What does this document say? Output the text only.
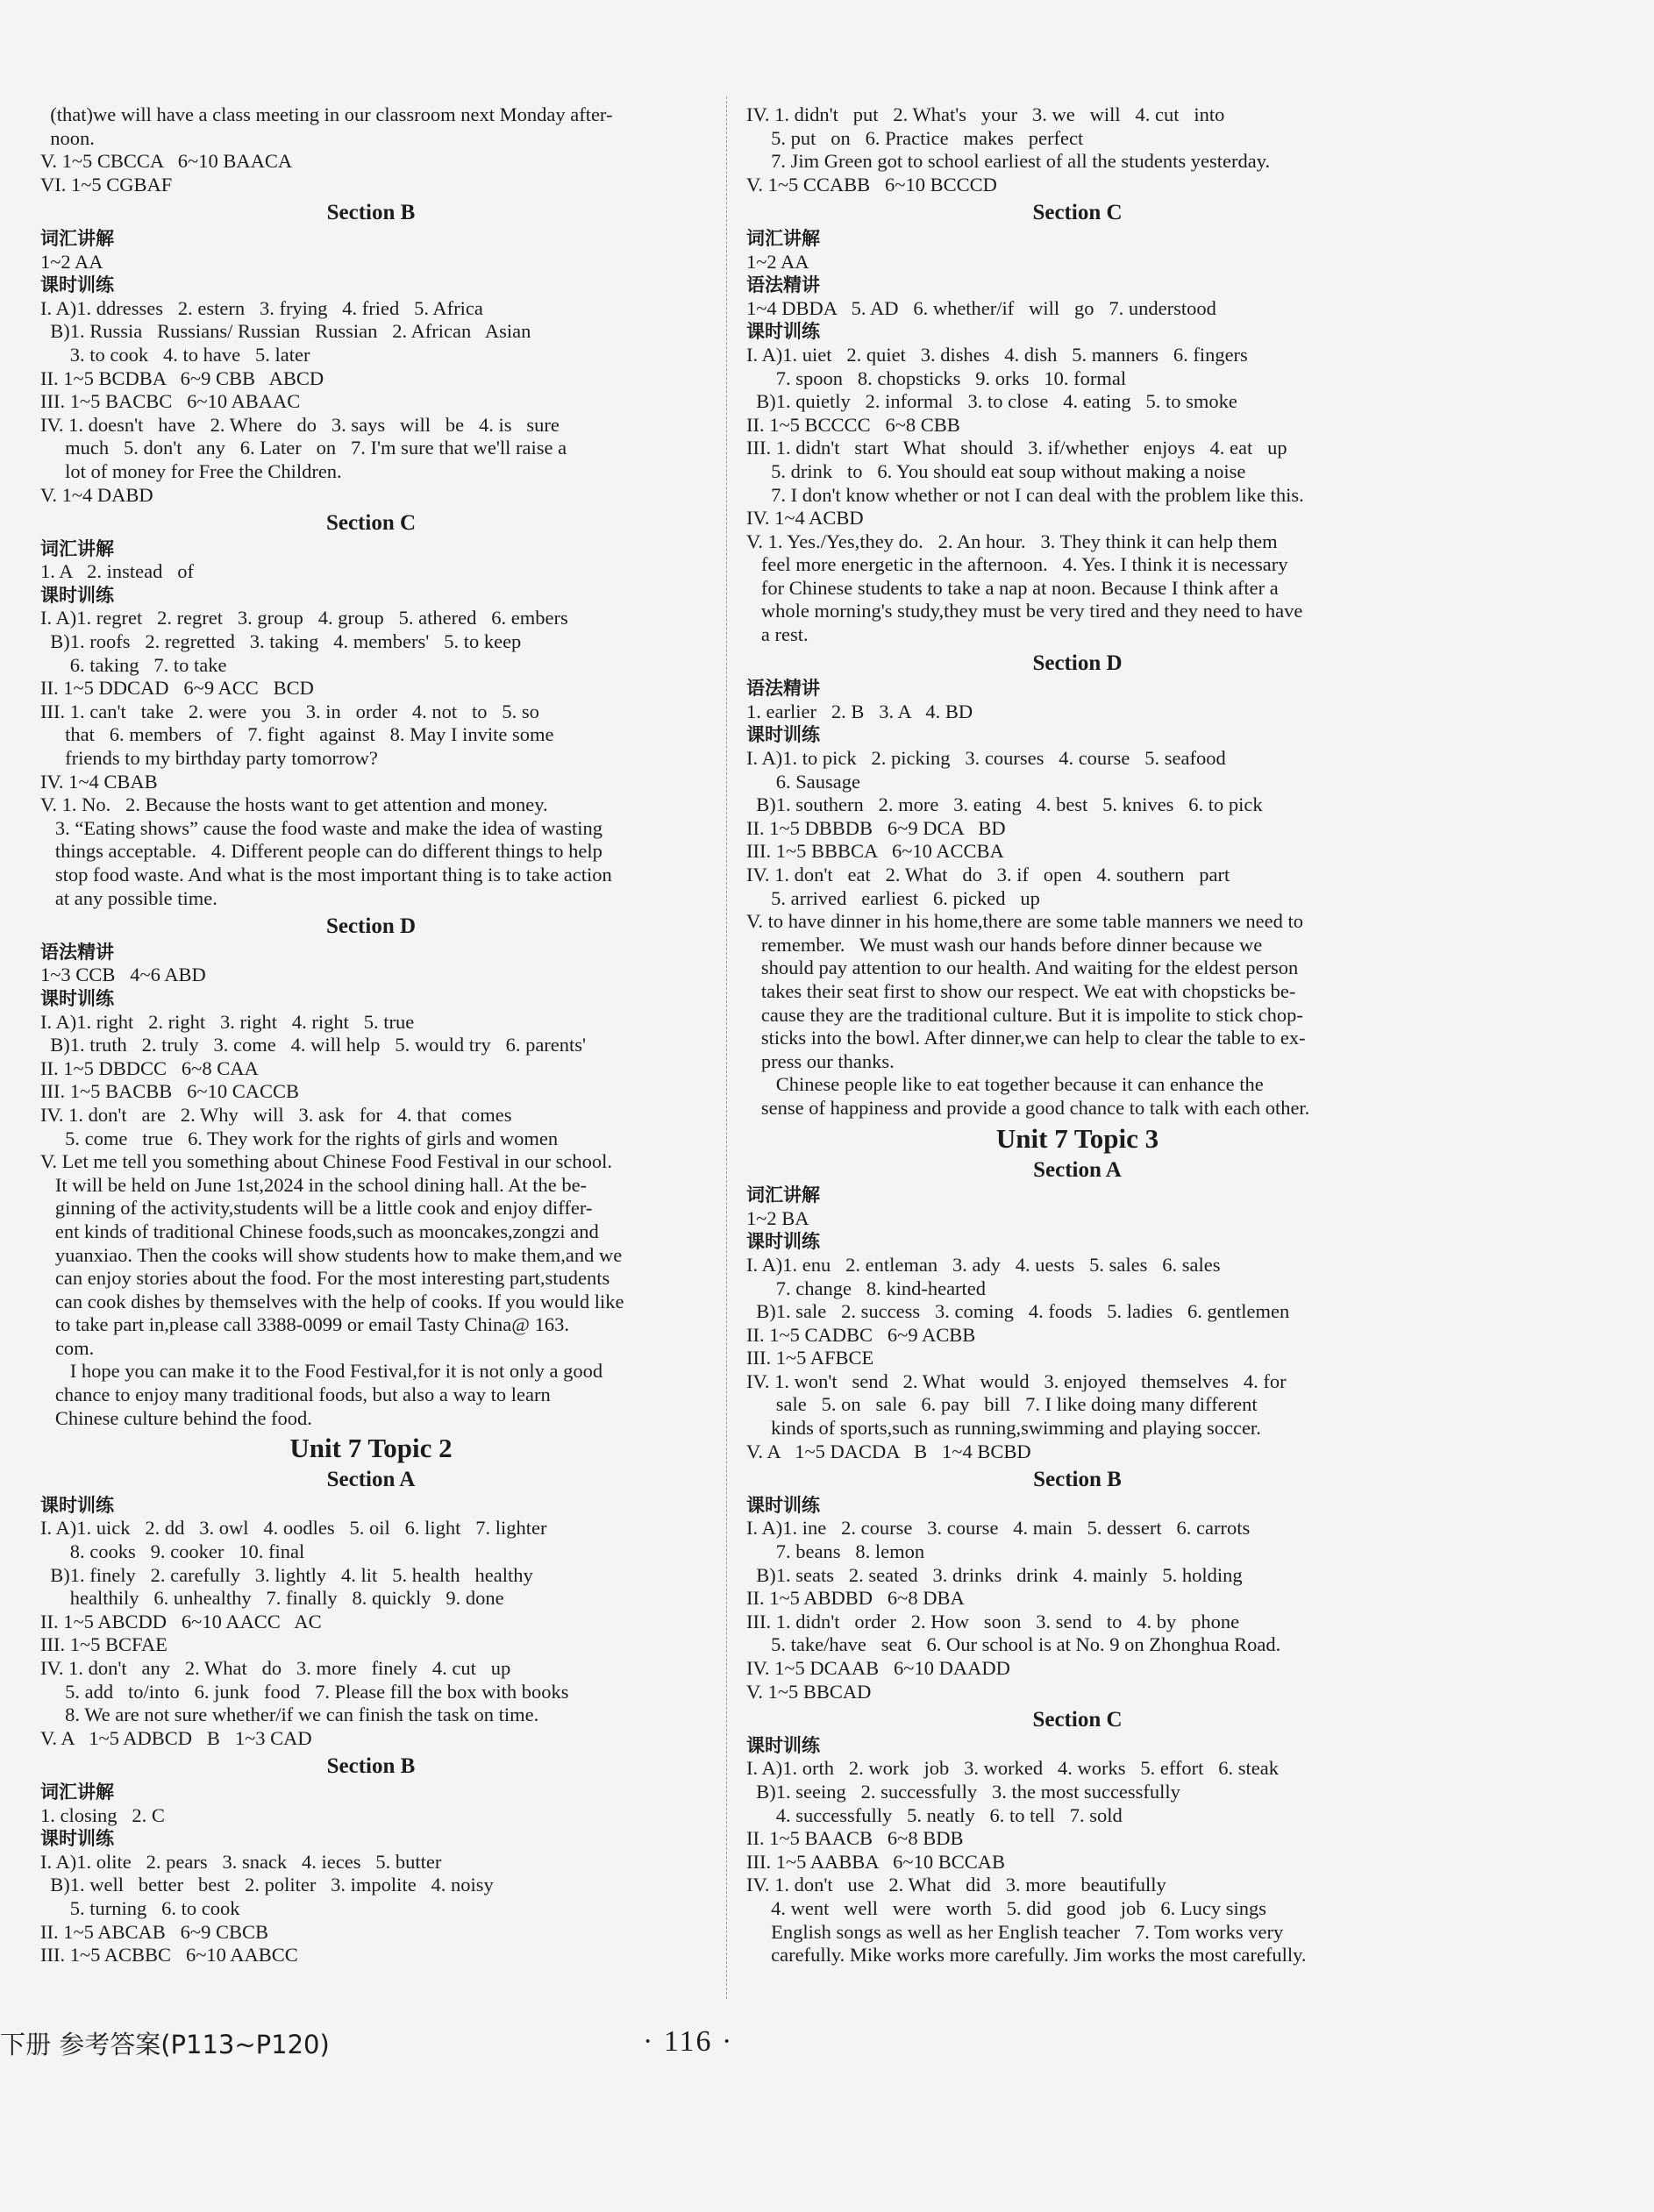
(that)we will have a class meeting in our classroom next Monday after-
noon.
V. 1~5 CBCCA   6~10 BAACA
VI. 1~5 CGBAF
Section B
词汇讲解
1~2 AA
课时训练
I. A)1. ddresses   2. estern   3. frying   4. fried   5. Africa
B)1. Russia   Russians/ Russian   Russian   2. African   Asian
3. to cook   4. to have   5. later
II. 1~5 BCDBA   6~9 CBB   ABCD
III. 1~5 BACBC   6~10 ABAAC
IV. 1. doesn't   have   2. Where   do   3. says   will   be   4. is   sure
much   5. don't   any   6. Later   on   7. I'm sure that we'll raise a
lot of money for Free the Children.
V. 1~4 DABD
Section C
词汇讲解
1. A   2. instead   of
课时训练
I. A)1. regret   2. regret   3. group   4. group   5. athered   6. embers
B)1. roofs   2. regretted   3. taking   4. members'   5. to keep
6. taking   7. to take
II. 1~5 DDCAD   6~9 ACC   BCD
III. 1. can't   take   2. were   you   3. in   order   4. not   to   5. so
that   6. members   of   7. fight   against   8. May I invite some
friends to my birthday party tomorrow?
IV. 1~4 CBAB
V. 1. No.   2. Because the hosts want to get attention and money.
3. “Eating shows” cause the food waste and make the idea of wasting
things acceptable.   4. Different people can do different things to help
stop food waste. And what is the most important thing is to take action
at any possible time.
Section D
语法精讲
1~3 CCB   4~6 ABD
课时训练
I. A)1. right   2. right   3. right   4. right   5. true
B)1. truth   2. truly   3. come   4. will help   5. would try   6. parents'
II. 1~5 DBDCC   6~8 CAA
III. 1~5 BACBB   6~10 CACCB
IV. 1. don't   are   2. Why   will   3. ask   for   4. that   comes
5. come   true   6. They work for the rights of girls and women
V. Let me tell you something about Chinese Food Festival in our school.
It will be held on June 1st,2024 in the school dining hall. At the be-
ginning of the activity,students will be a little cook and enjoy differ-
ent kinds of traditional Chinese foods,such as mooncakes,zongzi and
yuanxiao. Then the cooks will show students how to make them,and we
can enjoy stories about the food. For the most interesting part,students
can cook dishes by themselves with the help of cooks. If you would like
to take part in,please call 3388-0099 or email Tasty China@ 163.
com.
I hope you can make it to the Food Festival,for it is not only a good
chance to enjoy many traditional foods, but also a way to learn
Chinese culture behind the food.
Unit 7 Topic 2
Section A
课时训练
I. A)1. uick   2. dd   3. owl   4. oodles   5. oil   6. light   7. lighter
8. cooks   9. cooker   10. final
B)1. finely   2. carefully   3. lightly   4. lit   5. health   healthy
healthily   6. unhealthy   7. finally   8. quickly   9. done
II. 1~5 ABCDD   6~10 AACC   AC
III. 1~5 BCFAE
IV. 1. don't   any   2. What   do   3. more   finely   4. cut   up
5. add   to/into   6. junk   food   7. Please fill the box with books
8. We are not sure whether/if we can finish the task on time.
V. A   1~5 ADBCD   B   1~3 CAD
Section B
词汇讲解
1. closing   2. C
课时训练
I. A)1. olite   2. pears   3. snack   4. ieces   5. butter
B)1. well   better   best   2. politer   3. impolite   4. noisy
5. turning   6. to cook
II. 1~5 ABCAB   6~9 CBCB
III. 1~5 ACBBC   6~10 AABCC
IV. 1. didn't   put   2. What's   your   3. we   will   4. cut   into
5. put   on   6. Practice   makes   perfect
7. Jim Green got to school earliest of all the students yesterday.
V. 1~5 CCABB   6~10 BCCCD
Section C
词汇讲解
1~2 AA
语法精讲
1~4 DBDA   5. AD   6. whether/if   will   go   7. understood
课时训练
I. A)1. uiet   2. quiet   3. dishes   4. dish   5. manners   6. fingers
7. spoon   8. chopsticks   9. orks   10. formal
B)1. quietly   2. informal   3. to close   4. eating   5. to smoke
II. 1~5 BCCCC   6~8 CBB
III. 1. didn't   start   What   should   3. if/whether   enjoys   4. eat   up
5. drink   to   6. You should eat soup without making a noise
7. I don't know whether or not I can deal with the problem like this.
IV. 1~4 ACBD
V. 1. Yes./Yes,they do.   2. An hour.   3. They think it can help them
feel more energetic in the afternoon.   4. Yes. I think it is necessary
for Chinese students to take a nap at noon. Because I think after a
whole morning's study,they must be very tired and they need to have
a rest.
Section D
语法精讲
1. earlier   2. B   3. A   4. BD
课时训练
I. A)1. to pick   2. picking   3. courses   4. course   5. seafood
6. Sausage
B)1. southern   2. more   3. eating   4. best   5. knives   6. to pick
II. 1~5 DBBDB   6~9 DCA   BD
III. 1~5 BBBCA   6~10 ACCBA
IV. 1. don't   eat   2. What   do   3. if   open   4. southern   part
5. arrived   earliest   6. picked   up
V. to have dinner in his home,there are some table manners we need to
remember.   We must wash our hands before dinner because we
should pay attention to our health. And waiting for the eldest person
takes their seat first to show our respect. We eat with chopsticks be-
cause they are the traditional culture. But it is impolite to stick chop-
sticks into the bowl. After dinner,we can help to clear the table to ex-
press our thanks.
Chinese people like to eat together because it can enhance the
sense of happiness and provide a good chance to talk with each other.
Unit 7 Topic 3
Section A
词汇讲解
1~2 BA
课时训练
I. A)1. enu   2. entleman   3. ady   4. uests   5. sales   6. sales
7. change   8. kind-hearted
B)1. sale   2. success   3. coming   4. foods   5. ladies   6. gentlemen
II. 1~5 CADBC   6~9 ACBB
III. 1~5 AFBCE
IV. 1. won't   send   2. What   would   3. enjoyed   themselves   4. for
sale   5. on   sale   6. pay   bill   7. I like doing many different
kinds of sports,such as running,swimming and playing soccer.
V. A   1~5 DACDA   B   1~4 BCBD
Section B
课时训练
I. A)1. ine   2. course   3. course   4. main   5. dessert   6. carrots
7. beans   8. lemon
B)1. seats   2. seated   3. drinks   drink   4. mainly   5. holding
II. 1~5 ABDBD   6~8 DBA
III. 1. didn't   order   2. How   soon   3. send   to   4. by   phone
5. take/have   seat   6. Our school is at No. 9 on Zhonghua Road.
IV. 1~5 DCAAB   6~10 DAADD
V. 1~5 BBCAD
Section C
课时训练
I. A)1. orth   2. work   job   3. worked   4. works   5. effort   6. steak
B)1. seeing   2. successfully   3. the most successfully
4. successfully   5. neatly   6. to tell   7. sold
II. 1~5 BAACB   6~8 BDB
III. 1~5 AABBA   6~10 BCCAB
IV. 1. don't   use   2. What   did   3. more   beautifully
4. went   well   were   worth   5. did   good   job   6. Lucy sings
English songs as well as her English teacher   7. Tom works very
carefully. Mike works more carefully. Jim works the most carefully.
下册 参考答案(P113~P120)	· 116 ·
